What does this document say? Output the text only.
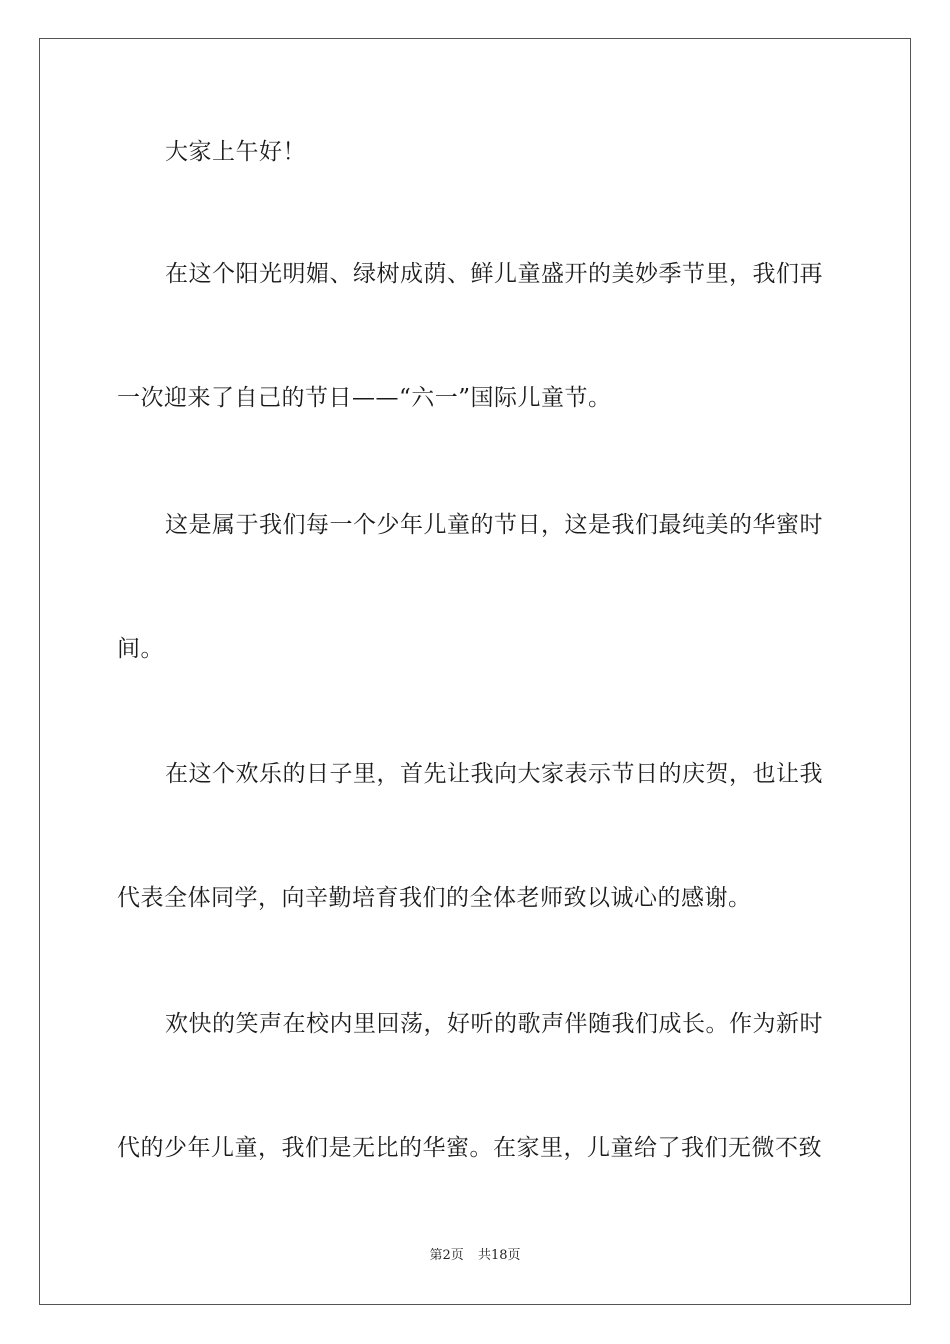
大家上午好！
在这个阳光明媚、绿树成荫、鲜儿童盛开的美妙季节里，我们再
一次迎来了自己的节日——“六一”国际儿童节。
这是属于我们每一个少年儿童的节日，这是我们最纯美的华蜜时
间。
在这个欢乐的日子里，首先让我向大家表示节日的庆贺，也让我
代表全体同学，向辛勤培育我们的全体老师致以诚心的感谢。
欢快的笑声在校内里回荡，好听的歌声伴随我们成长。作为新时
代的少年儿童，我们是无比的华蜜。在家里，儿童给了我们无微不致
第2页 共18页
